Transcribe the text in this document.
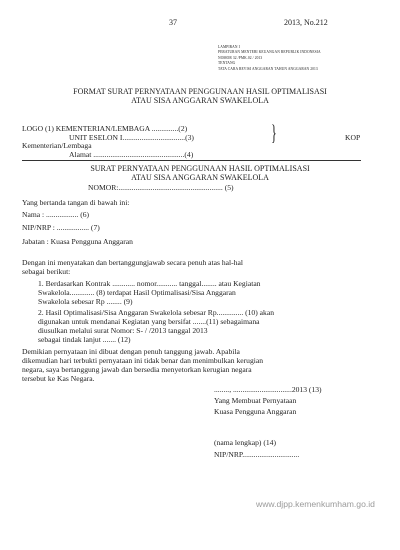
37	2013, No.212
LAMPIRAN I
PERATURAN MENTERI KEUANGAN REPUBLIK INDONESIA
NOMOR 32 /PMK.02 / 2013
TENTANG
TATA CARA REVISI ANGGARAN TAHUN ANGGARAN 2013
FORMAT SURAT PERNYATAAN PENGGUNAAN HASIL OPTIMALISASI
ATAU SISA ANGGARAN SWAKELOLA
LOGO (1) KEMENTERIAN/LEMBAGA ..............(2)
UNIT ESELON I.................................(3)	}	KOP
Kementerian/Lembaga
Alamat ................................................(4)
SURAT PERNYATAAN PENGGUNAAN HASIL OPTIMALISASI
ATAU SISA ANGGARAN SWAKELOLA
NOMOR:....................................................... (5)
Yang bertanda tangan di bawah ini:
Nama : ................. (6)
NIP/NRP : ................. (7)
Jabatan : Kuasa Pengguna Anggaran
Dengan ini menyatakan dan bertanggungjawab secara penuh atas hal-hal
sebagai berikut:
1. Berdasarkan Kontrak ............ nomor........... tanggal........ atau Kegiatan
Swakelola............. (8) terdapat Hasil Optimalisasi/Sisa Anggaran
Swakelola sebesar Rp ........ (9)
2. Hasil Optimalisasi/Sisa Anggaran Swakelola sebesar Rp.............. (10) akan
digunakan untuk mendanai Kegiatan yang bersifat .......(11) sebagaimana
diusulkan melalui surat Nomor: S- / /2013 tanggal 2013
sebagai tindak lanjut ....... (12)
Demikian pernyataan ini dibuat dengan penuh tanggung jawab. Apabila
dikemudian hari terbukti pernyataan ini tidak benar dan menimbulkan kerugian
negara, saya bertanggung jawab dan bersedia menyetorkan kerugian negara
tersebut ke Kas Negara.
........, ...............................2013 (13)
Yang Membuat Pernyataan
Kuasa Pengguna Anggaran
(nama lengkap) (14)
NIP/NRP..............................
www.djpp.kemenkumham.go.id
